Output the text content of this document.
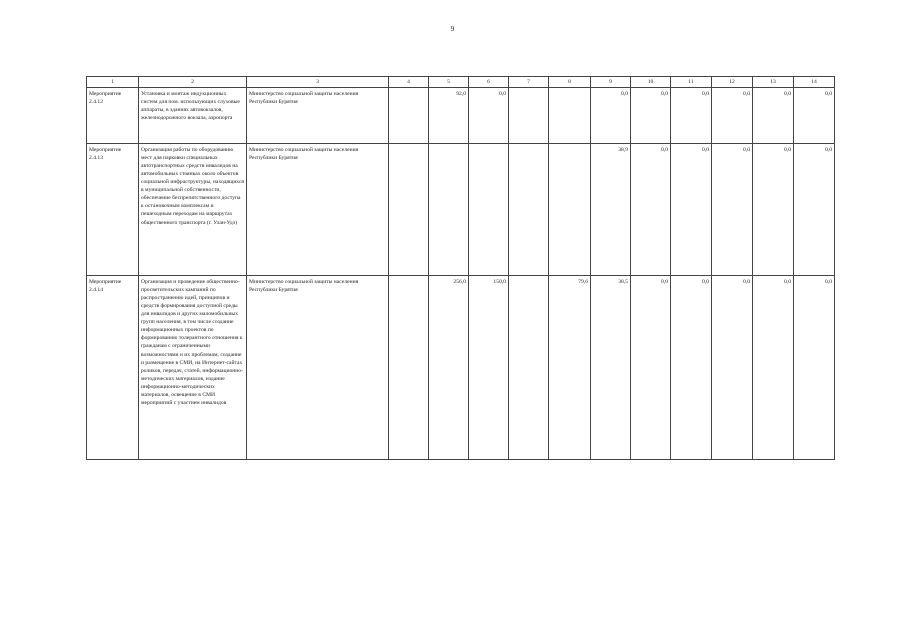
9
1	2	3	4	5	6	7	8	9	10	11	12	13	14
Мероприятие 2.4.12	Установка и монтаж индукционных систем для пом. использующих слуховые аппараты, в зданиях автовокзалов, железнодорожного вокзала, аэропорта	Министерство социальной защиты населения Республики Бурятия		92,0	0,0			0,0	0,0	0,0	0,0	0,0	0,0
Мероприятие 2.4.13	Организация работы по оборудованию мест для парковки специальных автотранспортных средств инвалидов на автомобильных стоянках около объектов социальной инфраструктуры, находящихся в муниципальной собственности, обеспечение беспрепятственного доступа к остановочным комплексам и пешеходным переходам на маршрутах общественного транспорта (г. Улан-Удэ)	Министерство социальной защиты населения Республики Бурятия						38,9	0,0	0,0	0,0	0,0	0,0
Мероприятие 2.4.14	Организация и проведение общественно-просветительских кампаний по распространению идей, принципов и средств формирования доступной среды для инвалидов и других маломобильных групп населения, в том числе создание информационных проектов по формированию толерантного отношения к гражданам с ограниченными возможностями и их проблемам, создание и размещение в СМИ, на Интернет-сайтах роликов, передач, статей, информационно-методических материалов, издание информационно-методических материалов, освещение в СМИ мероприятий с участием инвалидов	Министерство социальной защиты населения Республики Бурятия		256,0	150,0		79,6	38,5	0,0	0,0	0,0	0,0	0,0
